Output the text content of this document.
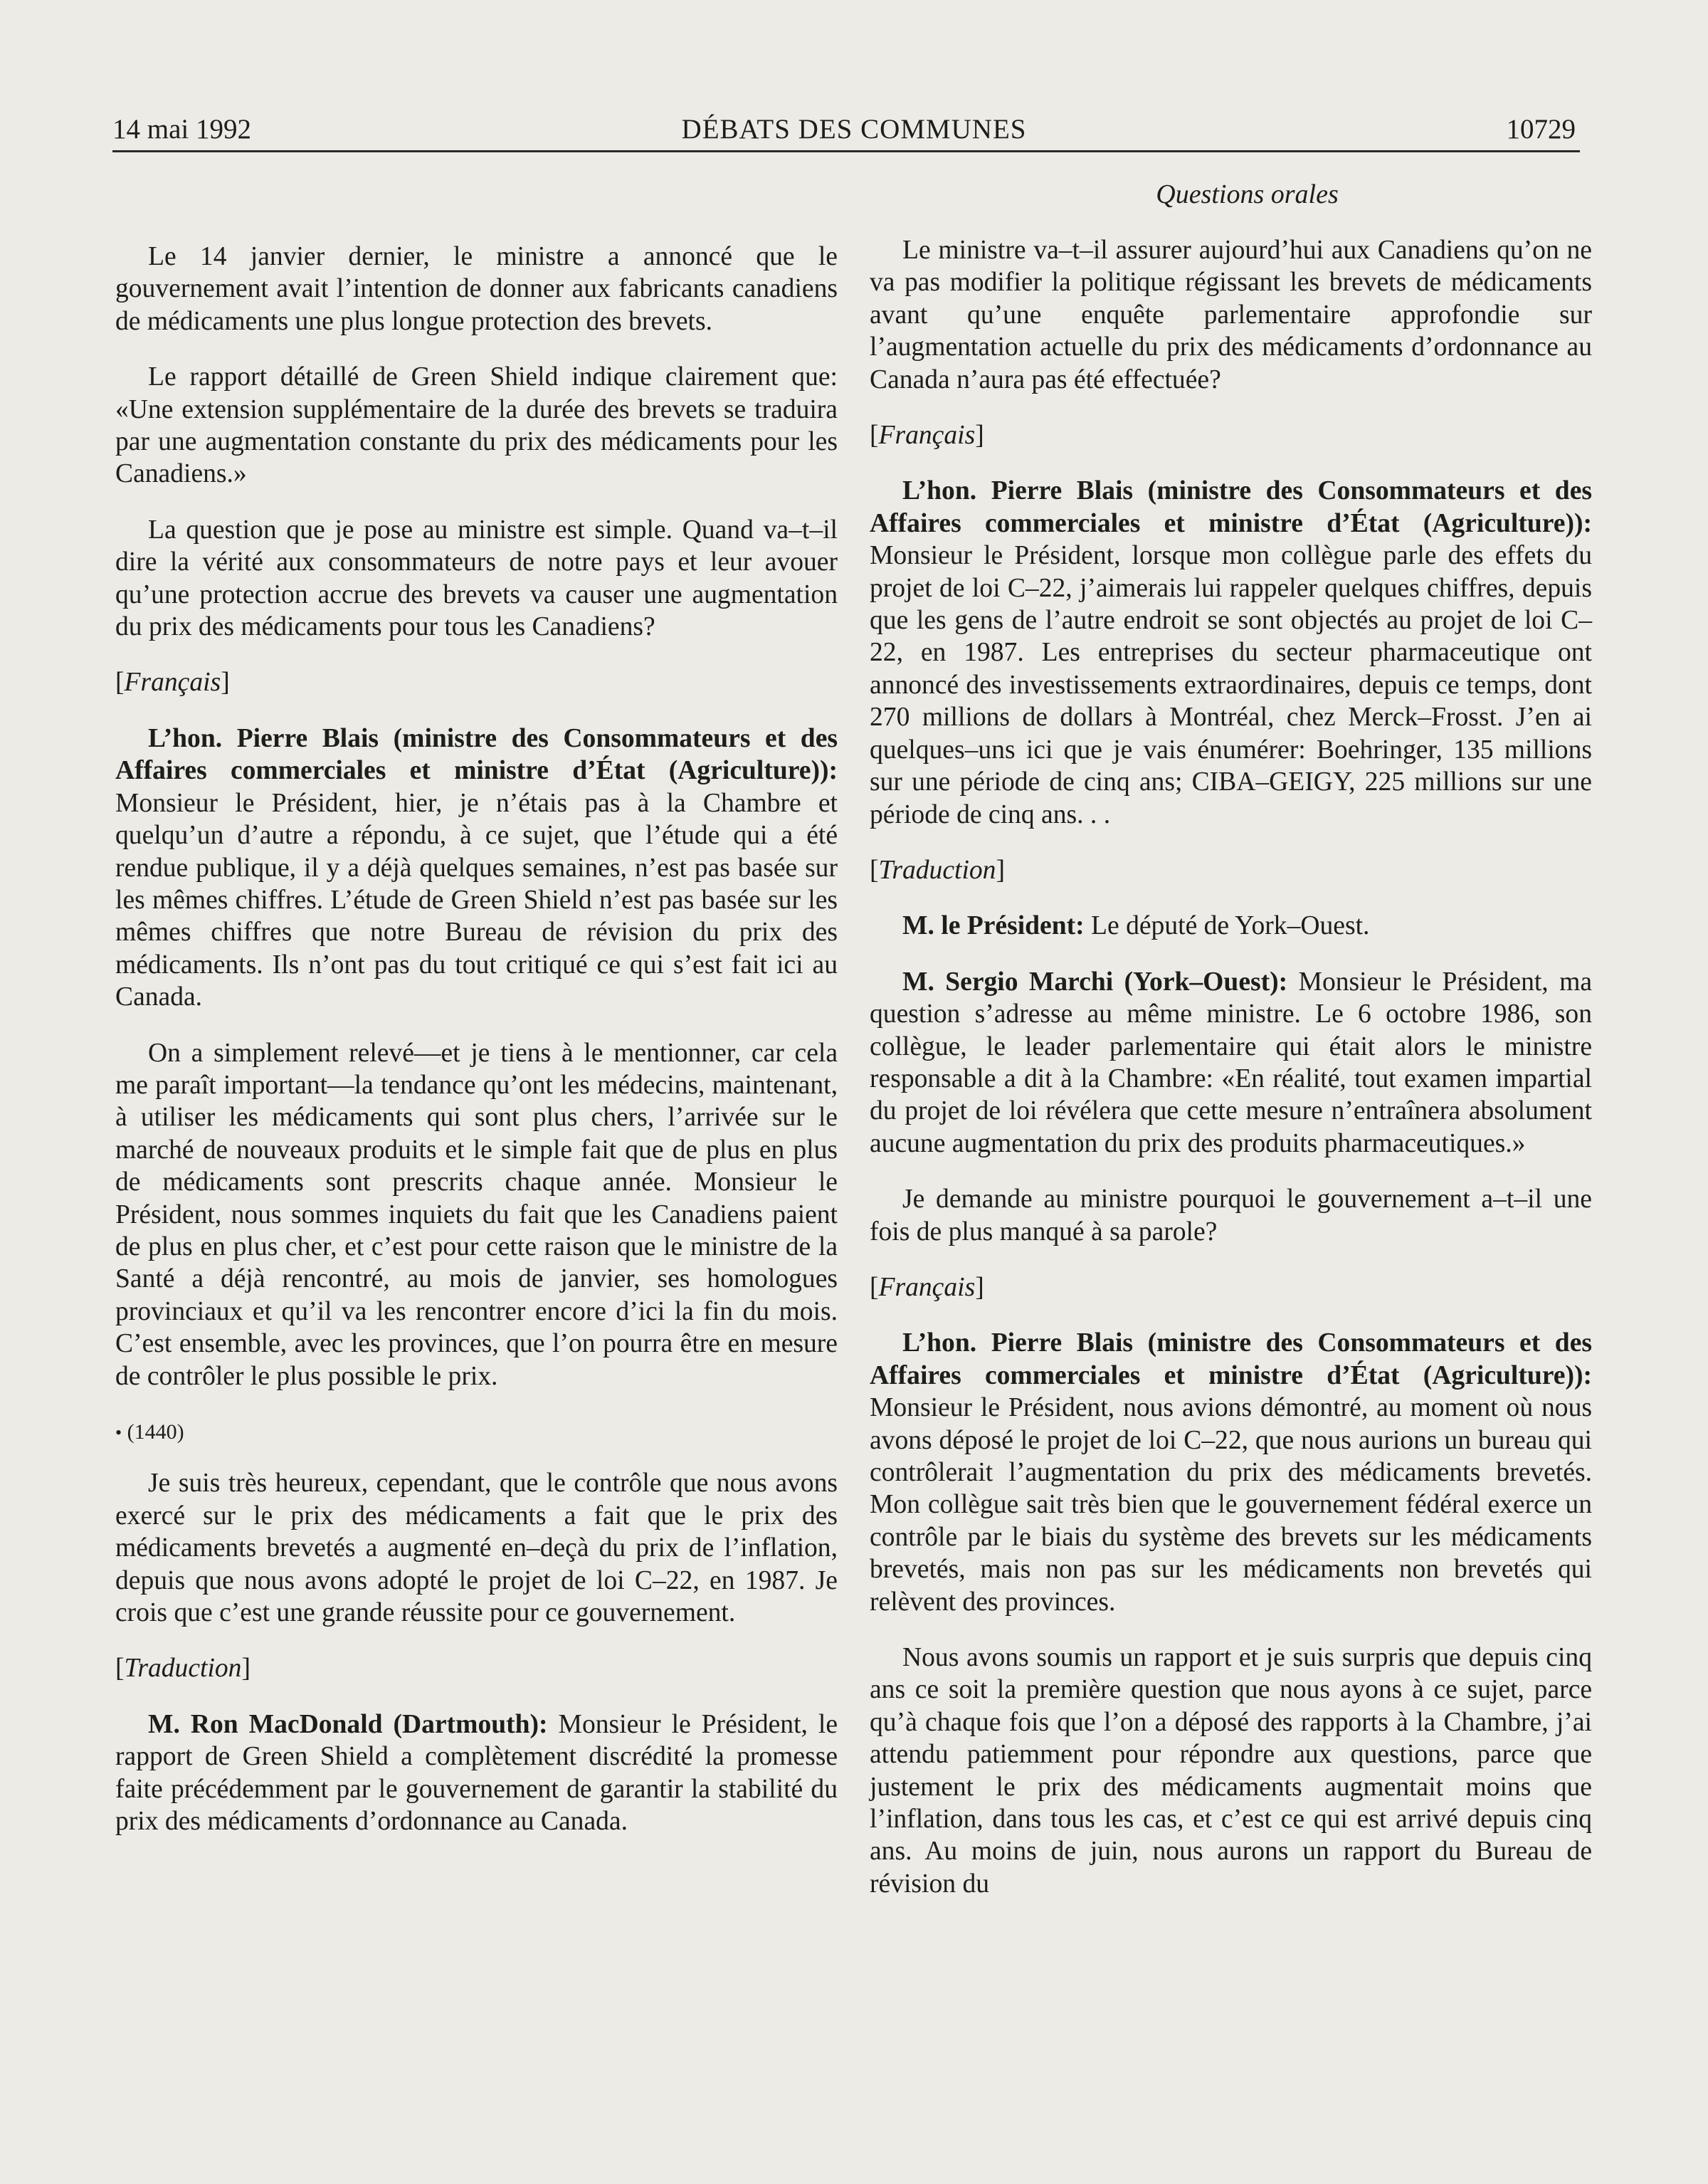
14 mai 1992	DÉBATS DES COMMUNES	10729

Le 14 janvier dernier, le ministre a annoncé que le gouvernement avait l’intention de donner aux fabricants canadiens de médicaments une plus longue protection des brevets.

Le rapport détaillé de Green Shield indique clairement que: «Une extension supplémentaire de la durée des brevets se traduira par une augmentation constante du prix des médicaments pour les Canadiens.»

La question que je pose au ministre est simple. Quand va–t–il dire la vérité aux consommateurs de notre pays et leur avouer qu’une protection accrue des brevets va causer une augmentation du prix des médicaments pour tous les Canadiens?

[Français]

L’hon. Pierre Blais (ministre des Consommateurs et des Affaires commerciales et ministre d’État (Agriculture)): Monsieur le Président, hier, je n’étais pas à la Chambre et quelqu’un d’autre a répondu, à ce sujet, que l’étude qui a été rendue publique, il y a déjà quelques semaines, n’est pas basée sur les mêmes chiffres. L’étude de Green Shield n’est pas basée sur les mêmes chiffres que notre Bureau de révision du prix des médicaments. Ils n’ont pas du tout critiqué ce qui s’est fait ici au Canada.

On a simplement relevé—et je tiens à le mentionner, car cela me paraît important—la tendance qu’ont les médecins, maintenant, à utiliser les médicaments qui sont plus chers, l’arrivée sur le marché de nouveaux produits et le simple fait que de plus en plus de médicaments sont prescrits chaque année. Monsieur le Président, nous sommes inquiets du fait que les Canadiens paient de plus en plus cher, et c’est pour cette raison que le ministre de la Santé a déjà rencontré, au mois de janvier, ses homologues provinciaux et qu’il va les rencontrer encore d’ici la fin du mois. C’est ensemble, avec les provinces, que l’on pourra être en mesure de contrôler le plus possible le prix.

• (1440)

Je suis très heureux, cependant, que le contrôle que nous avons exercé sur le prix des médicaments a fait que le prix des médicaments brevetés a augmenté en–deçà du prix de l’inflation, depuis que nous avons adopté le projet de loi C–22, en 1987. Je crois que c’est une grande réussite pour ce gouvernement.

[Traduction]

M. Ron MacDonald (Dartmouth): Monsieur le Président, le rapport de Green Shield a complètement discrédité la promesse faite précédemment par le gouvernement de garantir la stabilité du prix des médicaments d’ordonnance au Canada.

Questions orales

Le ministre va–t–il assurer aujourd’hui aux Canadiens qu’on ne va pas modifier la politique régissant les brevets de médicaments avant qu’une enquête parlementaire approfondie sur l’augmentation actuelle du prix des médicaments d’ordonnance au Canada n’aura pas été effectuée?

[Français]

L’hon. Pierre Blais (ministre des Consommateurs et des Affaires commerciales et ministre d’État (Agriculture)): Monsieur le Président, lorsque mon collègue parle des effets du projet de loi C–22, j’aimerais lui rappeler quelques chiffres, depuis que les gens de l’autre endroit se sont objectés au projet de loi C–22, en 1987. Les entreprises du secteur pharmaceutique ont annoncé des investissements extraordinaires, depuis ce temps, dont 270 millions de dollars à Montréal, chez Merck–Frosst. J’en ai quelques–uns ici que je vais énumérer: Boehringer, 135 millions sur une période de cinq ans; CIBA–GEIGY, 225 millions sur une période de cinq ans. . .

[Traduction]

M. le Président: Le député de York–Ouest.

M. Sergio Marchi (York–Ouest): Monsieur le Président, ma question s’adresse au même ministre. Le 6 octobre 1986, son collègue, le leader parlementaire qui était alors le ministre responsable a dit à la Chambre: «En réalité, tout examen impartial du projet de loi révélera que cette mesure n’entraînera absolument aucune augmentation du prix des produits pharmaceutiques.»

Je demande au ministre pourquoi le gouvernement a–t–il une fois de plus manqué à sa parole?

[Français]

L’hon. Pierre Blais (ministre des Consommateurs et des Affaires commerciales et ministre d’État (Agriculture)): Monsieur le Président, nous avions démontré, au moment où nous avons déposé le projet de loi C–22, que nous aurions un bureau qui contrôlerait l’augmentation du prix des médicaments brevetés. Mon collègue sait très bien que le gouvernement fédéral exerce un contrôle par le biais du système des brevets sur les médicaments brevetés, mais non pas sur les médicaments non brevetés qui relèvent des provinces.

Nous avons soumis un rapport et je suis surpris que depuis cinq ans ce soit la première question que nous ayons à ce sujet, parce qu’à chaque fois que l’on a déposé des rapports à la Chambre, j’ai attendu patiemment pour répondre aux questions, parce que justement le prix des médicaments augmentait moins que l’inflation, dans tous les cas, et c’est ce qui est arrivé depuis cinq ans. Au moins de juin, nous aurons un rapport du Bureau de révision du
